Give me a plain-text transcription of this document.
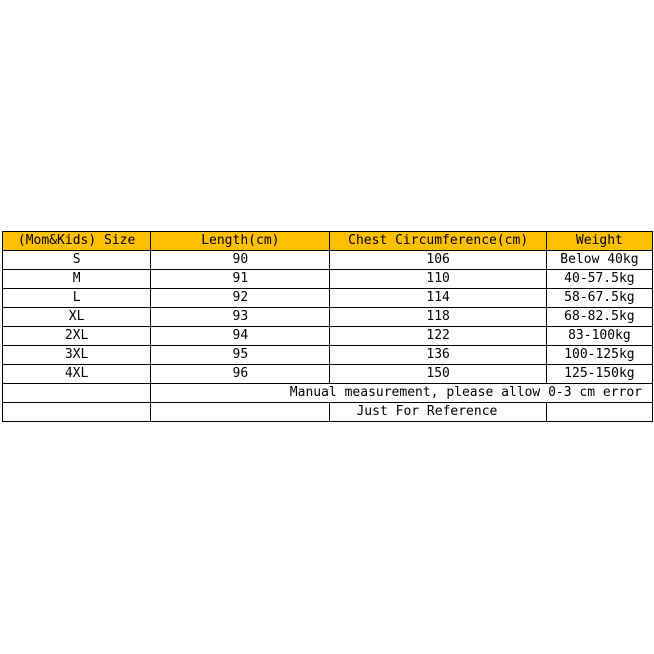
(Mom&Kids) Size	Length(cm)	Chest Circumference(cm)	Weight
S	90	106	Below 40kg
M	91	110	40-57.5kg
L	92	114	58-67.5kg
XL	93	118	68-82.5kg
2XL	94	122	83-100kg
3XL	95	136	100-125kg
4XL	96	150	125-150kg
	Manual measurement, please allow 0-3 cm error		

		Just For Reference	
